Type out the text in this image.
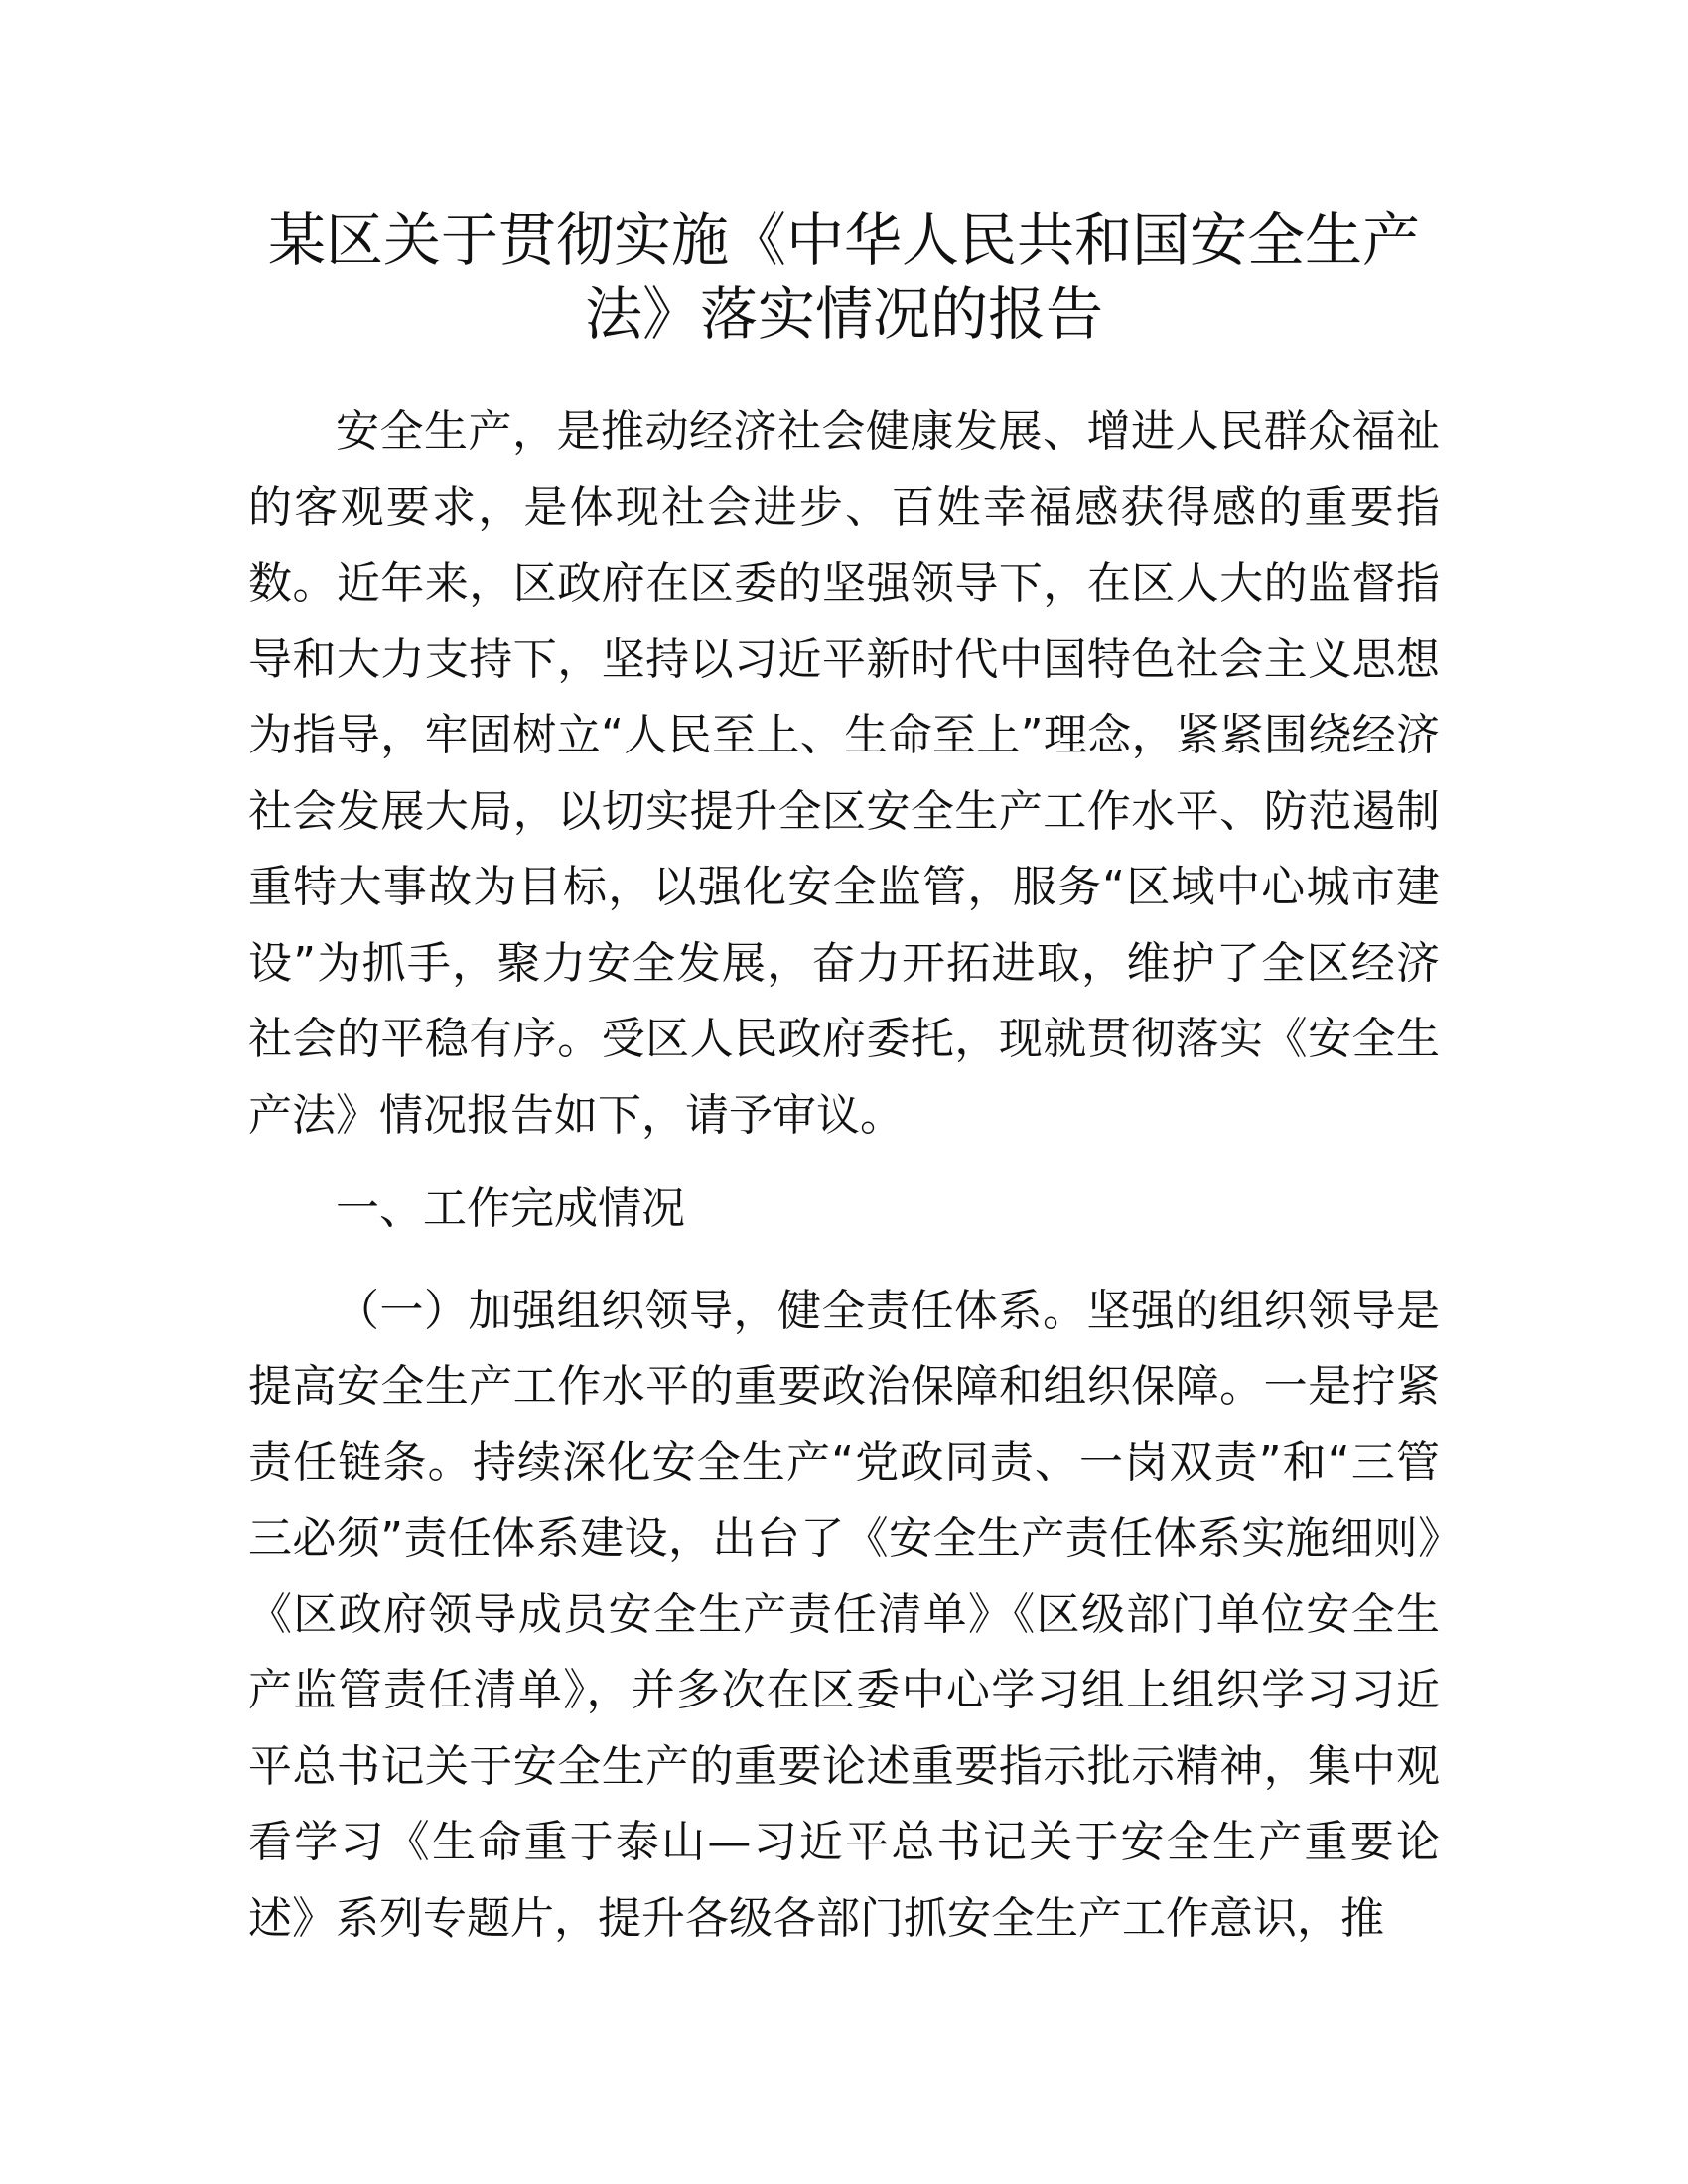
某区关于贯彻实施《中华人民共和国安全生产法》落实情况的报告

安全生产，是推动经济社会健康发展、增进人民群众福祉的客观要求，是体现社会进步、百姓幸福感获得感的重要指数。近年来，区政府在区委的坚强领导下，在区人大的监督指导和大力支持下，坚持以习近平新时代中国特色社会主义思想为指导，牢固树立“人民至上、生命至上”理念，紧紧围绕经济社会发展大局，以切实提升全区安全生产工作水平、防范遏制重特大事故为目标，以强化安全监管，服务“区域中心城市建设”为抓手，聚力安全发展，奋力开拓进取，维护了全区经济社会的平稳有序。受区人民政府委托，现就贯彻落实《安全生产法》情况报告如下，请予审议。

一、工作完成情况

（一）加强组织领导，健全责任体系。坚强的组织领导是提高安全生产工作水平的重要政治保障和组织保障。一是拧紧责任链条。持续深化安全生产“党政同责、一岗双责”和“三管三必须”责任体系建设，出台了《安全生产责任体系实施细则》《区政府领导成员安全生产责任清单》《区级部门单位安全生产监管责任清单》，并多次在区委中心学习组上组织学习习近平总书记关于安全生产的重要论述重要指示批示精神，集中观看学习《生命重于泰山—习近平总书记关于安全生产重要论述》系列专题片，提升各级各部门抓安全生产工作意识，推
